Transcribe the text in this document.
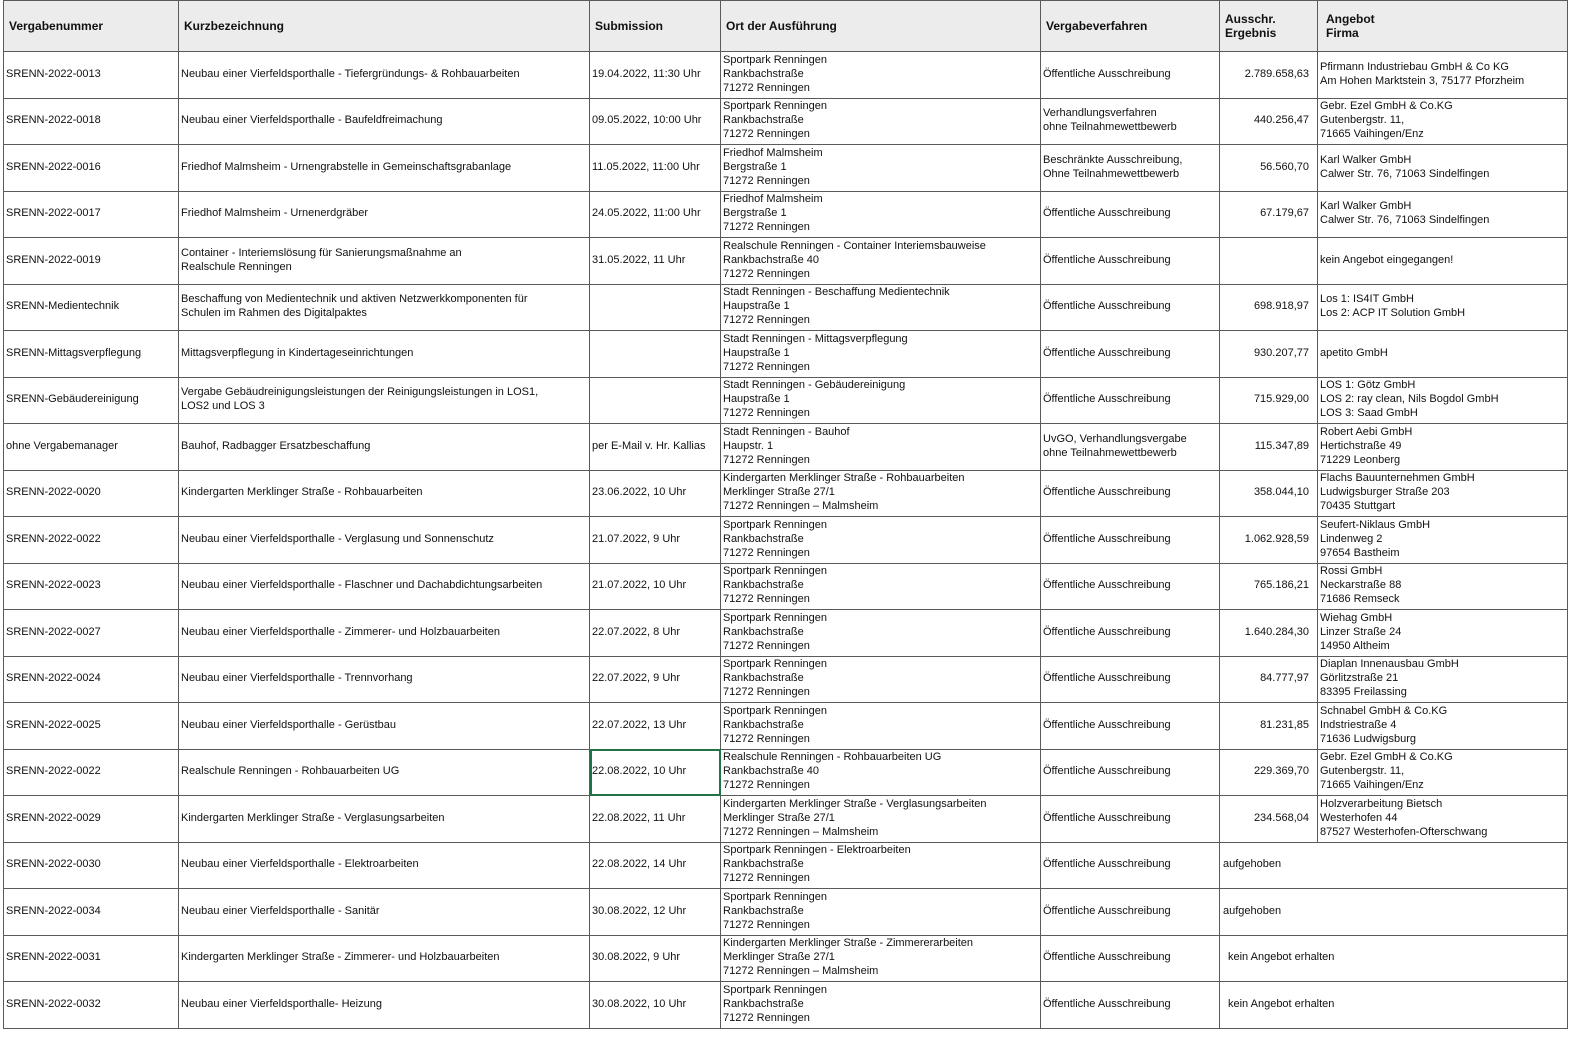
Vergabenummer	Kurzbezeichnung	Submission	Ort der Ausführung	Vergabeverfahren	Ausschr.
Ergebnis	Angebot
Firma

SRENN-2022-0013	Neubau einer Vierfeldsporthalle - Tiefergründungs- & Rohbauarbeiten	19.04.2022, 11:30 Uhr	Sportpark Renningen
Rankbachstraße
71272 Renningen	Öffentliche Ausschreibung	2.789.658,63	Pfirmann Industriebau GmbH & Co KG
Am Hohen Marktstein 3, 75177 Pforzheim

SRENN-2022-0018	Neubau einer Vierfeldsporthalle - Baufeldfreimachung	09.05.2022, 10:00 Uhr	Sportpark Renningen
Rankbachstraße
71272 Renningen	Verhandlungsverfahren
ohne Teilnahmewettbewerb	440.256,47	Gebr. Ezel GmbH & Co.KG
Gutenbergstr. 11,
71665 Vaihingen/Enz

SRENN-2022-0016	Friedhof Malmsheim - Urnengrabstelle in Gemeinschaftsgrabanlage	11.05.2022, 11:00 Uhr	Friedhof Malmsheim
Bergstraße 1
71272 Renningen	Beschränkte Ausschreibung,
Ohne Teilnahmewettbewerb	56.560,70	Karl Walker GmbH
Calwer Str. 76, 71063 Sindelfingen

SRENN-2022-0017	Friedhof Malmsheim - Urnenerdgräber	24.05.2022, 11:00 Uhr	Friedhof Malmsheim
Bergstraße 1
71272 Renningen	Öffentliche Ausschreibung	67.179,67	Karl Walker GmbH
Calwer Str. 76, 71063 Sindelfingen

SRENN-2022-0019	Container - Interiemslösung für Sanierungsmaßnahme an
Realschule Renningen	31.05.2022, 11 Uhr	Realschule Renningen - Container Interiemsbauweise
Rankbachstraße 40
71272 Renningen	Öffentliche Ausschreibung		kein Angebot eingegangen!

SRENN-Medientechnik	Beschaffung von Medientechnik und aktiven Netzwerkkomponenten für
Schulen im Rahmen des Digitalpaktes		Stadt Renningen - Beschaffung Medientechnik
Haupstraße 1
71272 Renningen	Öffentliche Ausschreibung	698.918,97	Los 1: IS4IT GmbH
Los 2: ACP IT Solution GmbH

SRENN-Mittagsverpflegung	Mittagsverpflegung in Kindertageseinrichtungen		Stadt Renningen - Mittagsverpflegung
Haupstraße 1
71272 Renningen	Öffentliche Ausschreibung	930.207,77	apetito GmbH

SRENN-Gebäudereinigung	Vergabe Gebäudreinigungsleistungen der Reinigungsleistungen in LOS1,
LOS2 und LOS 3		Stadt Renningen - Gebäudereinigung
Haupstraße 1
71272 Renningen	Öffentliche Ausschreibung	715.929,00	LOS 1: Götz GmbH
LOS 2: ray clean, Nils Bogdol GmbH
LOS 3: Saad GmbH

ohne Vergabemanager	Bauhof, Radbagger Ersatzbeschaffung	per E-Mail v. Hr. Kallias	Stadt Renningen - Bauhof
Haupstr. 1
71272 Renningen	UvGO, Verhandlungsvergabe
ohne Teilnahmewettbewerb	115.347,89	Robert Aebi GmbH
Hertichstraße 49
71229 Leonberg

SRENN-2022-0020	Kindergarten Merklinger Straße - Rohbauarbeiten	23.06.2022, 10 Uhr	Kindergarten Merklinger Straße - Rohbauarbeiten
Merklinger Straße 27/1
71272 Renningen – Malmsheim	Öffentliche Ausschreibung	358.044,10	Flachs Bauunternehmen GmbH
Ludwigsburger Straße 203
70435 Stuttgart

SRENN-2022-0022	Neubau einer Vierfeldsporthalle - Verglasung und Sonnenschutz	21.07.2022, 9 Uhr	Sportpark Renningen
Rankbachstraße
71272 Renningen	Öffentliche Ausschreibung	1.062.928,59	Seufert-Niklaus GmbH
Lindenweg 2
97654 Bastheim

SRENN-2022-0023	Neubau einer Vierfeldsporthalle - Flaschner und Dachabdichtungsarbeiten	21.07.2022, 10 Uhr	Sportpark Renningen
Rankbachstraße
71272 Renningen	Öffentliche Ausschreibung	765.186,21	Rossi GmbH
Neckarstraße 88
71686 Remseck

SRENN-2022-0027	Neubau einer Vierfeldsporthalle - Zimmerer- und Holzbauarbeiten	22.07.2022, 8 Uhr	Sportpark Renningen
Rankbachstraße
71272 Renningen	Öffentliche Ausschreibung	1.640.284,30	Wiehag GmbH
Linzer Straße 24
14950 Altheim

SRENN-2022-0024	Neubau einer Vierfeldsporthalle - Trennvorhang	22.07.2022, 9 Uhr	Sportpark Renningen
Rankbachstraße
71272 Renningen	Öffentliche Ausschreibung	84.777,97	Diaplan Innenausbau GmbH
Görlitzstraße 21
83395 Freilassing

SRENN-2022-0025	Neubau einer Vierfeldsporthalle - Gerüstbau	22.07.2022, 13 Uhr	Sportpark Renningen
Rankbachstraße
71272 Renningen	Öffentliche Ausschreibung	81.231,85	Schnabel GmbH & Co.KG
Indstriestraße 4
71636 Ludwigsburg

SRENN-2022-0022	Realschule Renningen - Rohbauarbeiten UG	22.08.2022, 10 Uhr	Realschule Renningen - Rohbauarbeiten UG
Rankbachstraße 40
71272 Renningen	Öffentliche Ausschreibung	229.369,70	Gebr. Ezel GmbH & Co.KG
Gutenbergstr. 11,
71665 Vaihingen/Enz

SRENN-2022-0029	Kindergarten Merklinger Straße - Verglasungsarbeiten	22.08.2022, 11 Uhr	Kindergarten Merklinger Straße - Verglasungsarbeiten
Merklinger Straße 27/1
71272 Renningen – Malmsheim	Öffentliche Ausschreibung	234.568,04	Holzverarbeitung Bietsch
Westerhofen 44
87527 Westerhofen-Ofterschwang

SRENN-2022-0030	Neubau einer Vierfeldsporthalle - Elektroarbeiten	22.08.2022, 14 Uhr	Sportpark Renningen - Elektroarbeiten
Rankbachstraße
71272 Renningen	Öffentliche Ausschreibung	aufgehoben	
SRENN-2022-0034	Neubau einer Vierfeldsporthalle - Sanitär	30.08.2022, 12 Uhr	Sportpark Renningen
Rankbachstraße
71272 Renningen	Öffentliche Ausschreibung	aufgehoben	
SRENN-2022-0031	Kindergarten Merklinger Straße - Zimmerer- und Holzbauarbeiten	30.08.2022, 9 Uhr	Kindergarten Merklinger Straße - Zimmererarbeiten
Merklinger Straße 27/1
71272 Renningen – Malmsheim	Öffentliche Ausschreibung	kein Angebot erhalten	
SRENN-2022-0032	Neubau einer Vierfeldsporthalle- Heizung	30.08.2022, 10 Uhr	Sportpark Renningen
Rankbachstraße
71272 Renningen	Öffentliche Ausschreibung	kein Angebot erhalten	
